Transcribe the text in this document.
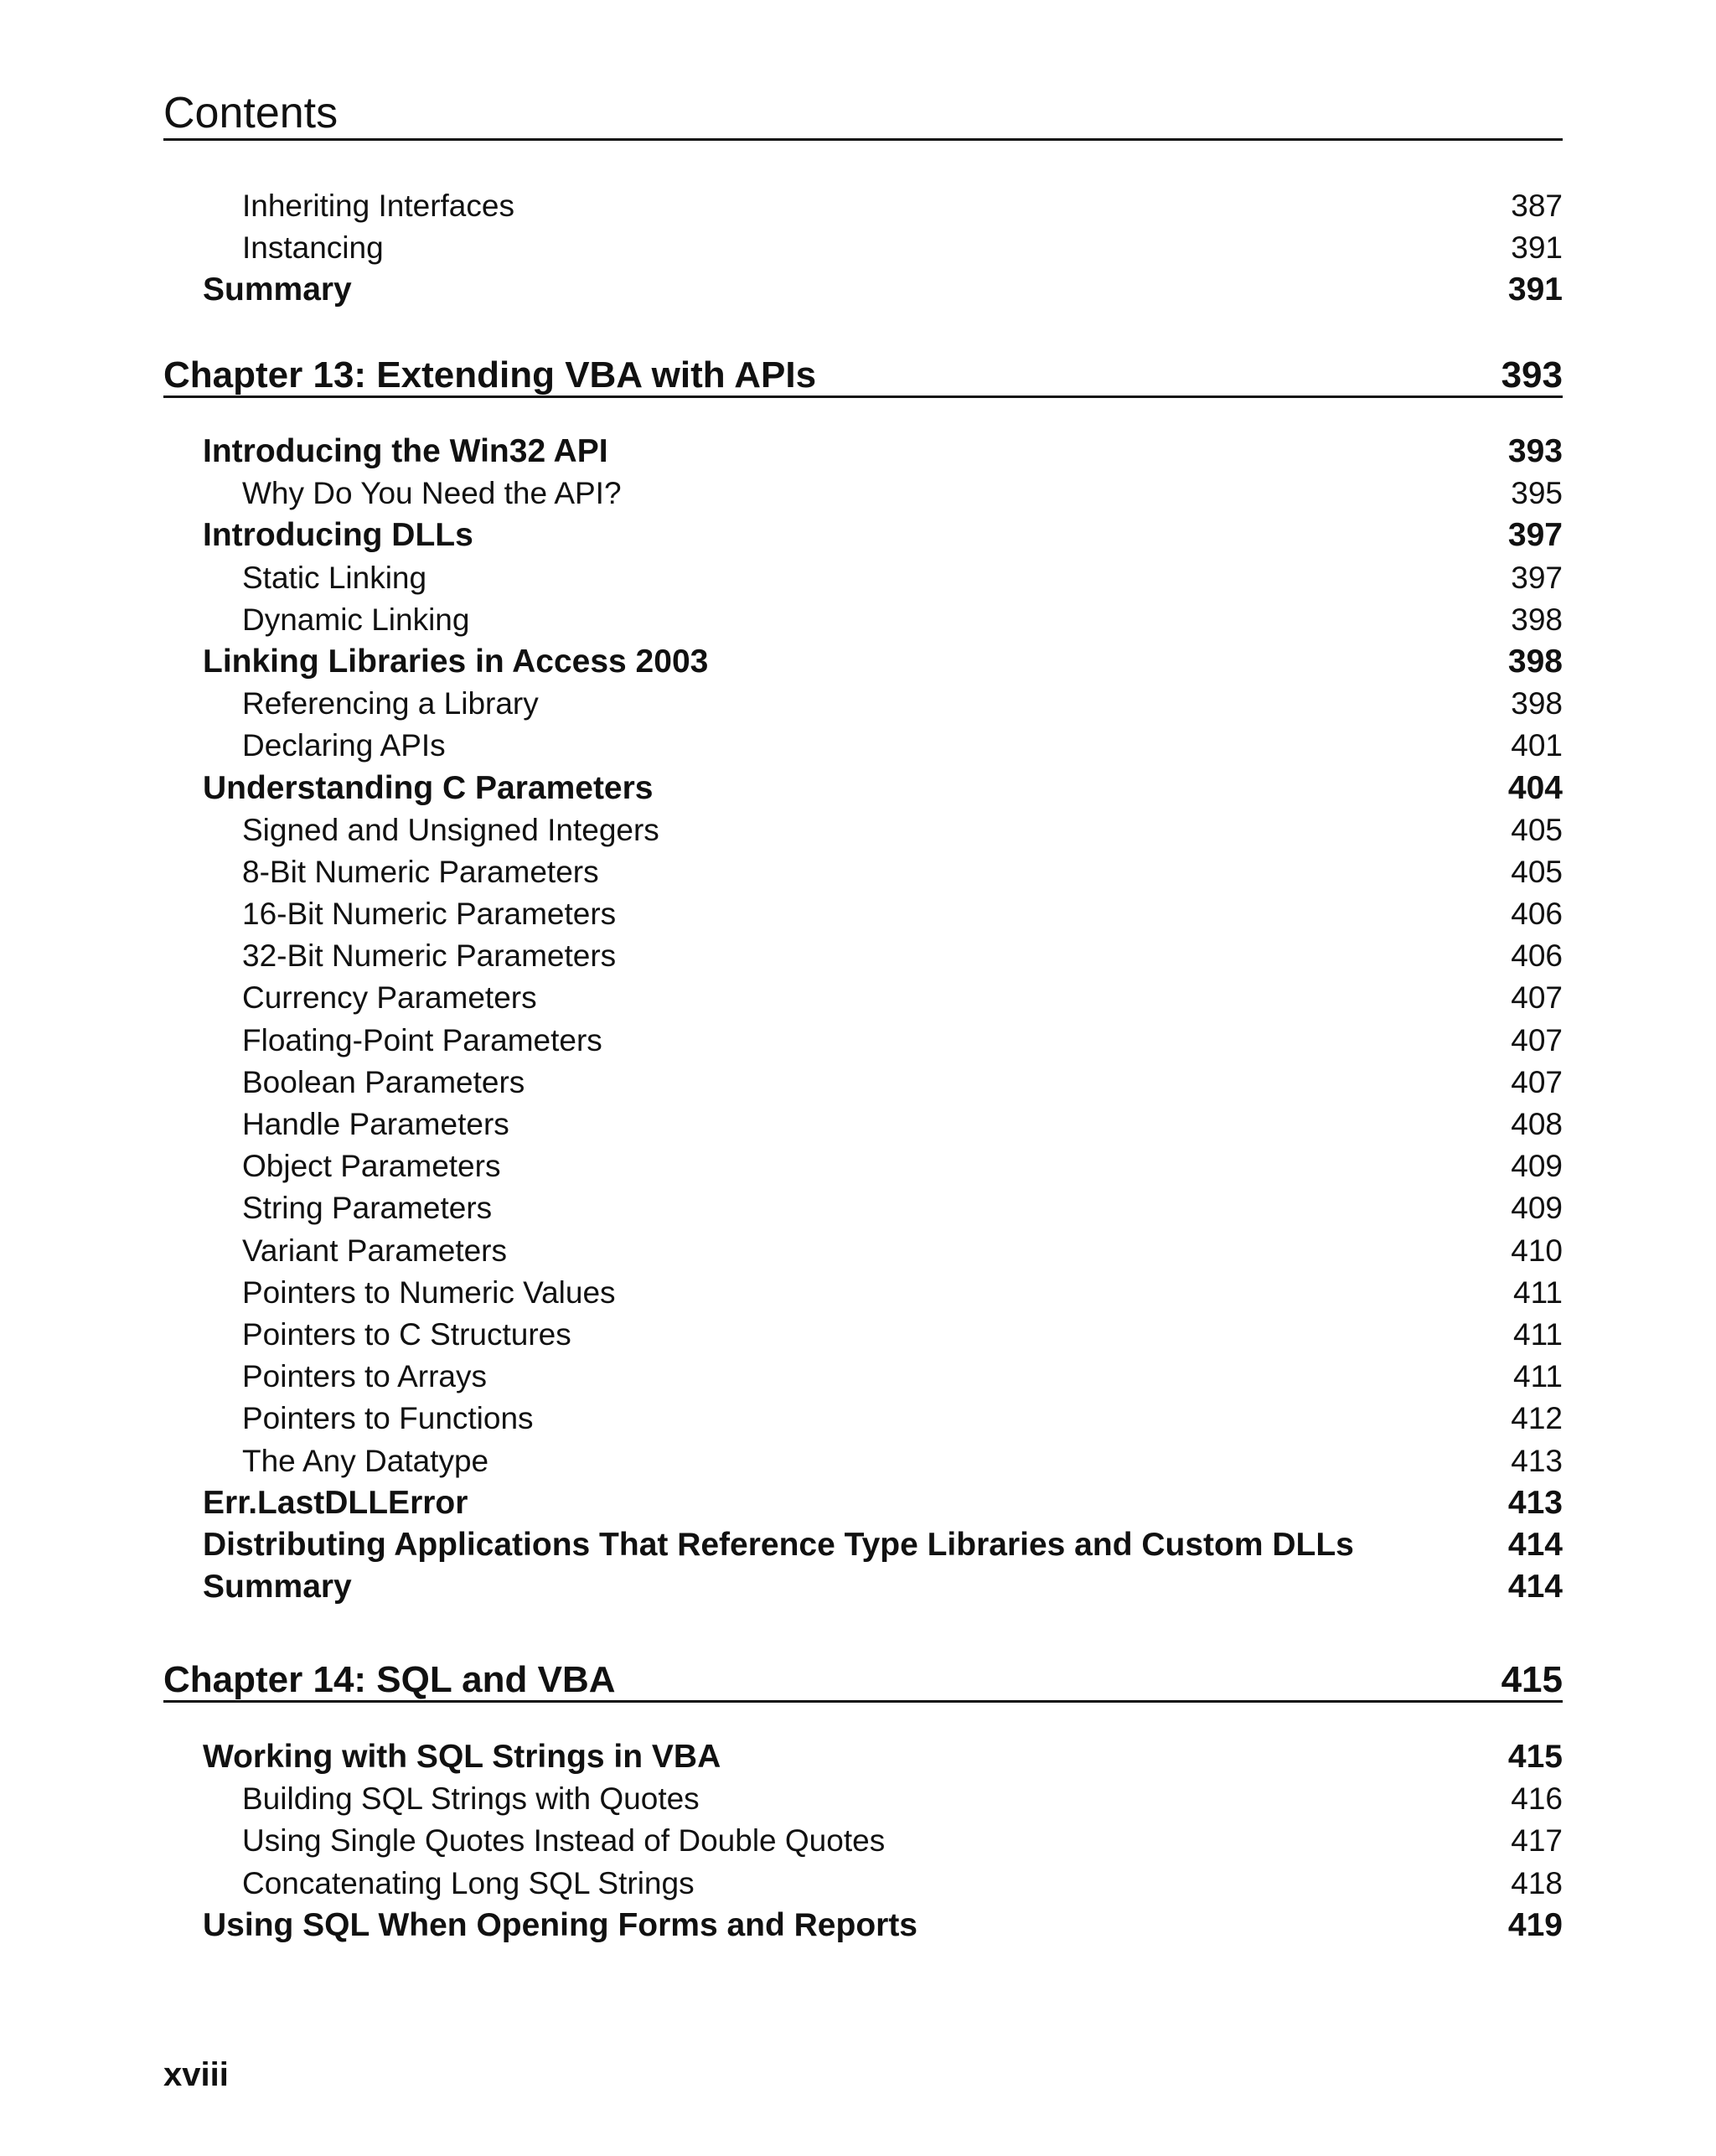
Contents
Inheriting Interfaces	387
Instancing	391
Summary	391
Chapter 13: Extending VBA with APIs	393
Introducing the Win32 API	393
Why Do You Need the API?	395
Introducing DLLs	397
Static Linking	397
Dynamic Linking	398
Linking Libraries in Access 2003	398
Referencing a Library	398
Declaring APIs	401
Understanding C Parameters	404
Signed and Unsigned Integers	405
8-Bit Numeric Parameters	405
16-Bit Numeric Parameters	406
32-Bit Numeric Parameters	406
Currency Parameters	407
Floating-Point Parameters	407
Boolean Parameters	407
Handle Parameters	408
Object Parameters	409
String Parameters	409
Variant Parameters	410
Pointers to Numeric Values	411
Pointers to C Structures	411
Pointers to Arrays	411
Pointers to Functions	412
The Any Datatype	413
Err.LastDLLError	413
Distributing Applications That Reference Type Libraries and Custom DLLs	414
Summary	414
Chapter 14: SQL and VBA	415
Working with SQL Strings in VBA	415
Building SQL Strings with Quotes	416
Using Single Quotes Instead of Double Quotes	417
Concatenating Long SQL Strings	418
Using SQL When Opening Forms and Reports	419
xviii
